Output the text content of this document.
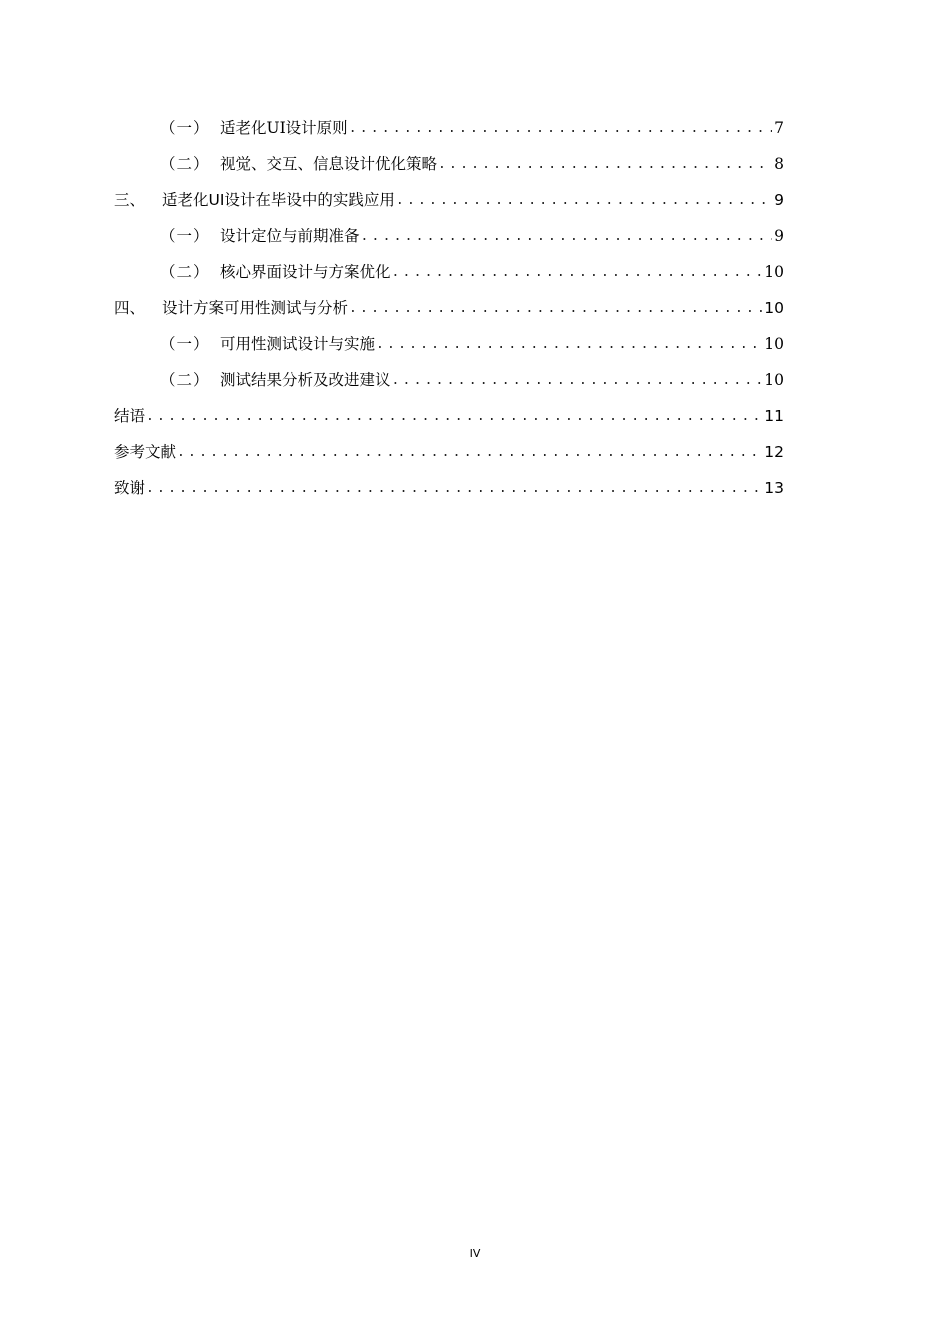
（一） 适老化UI设计原则 .....	7
（二） 视觉、交互、信息设计优化策略 .....	8
三、	适老化UI设计在毕设中的实践应用 .....	9
（一） 设计定位与前期准备 .....	9
（二） 核心界面设计与方案优化 .....	10
四、	设计方案可用性测试与分析 .....	10
（一） 可用性测试设计与实施 .....	10
（二） 测试结果分析及改进建议 .....	10
结语 .....	11
参考文献 .....	12
致谢 .....	13
IV
